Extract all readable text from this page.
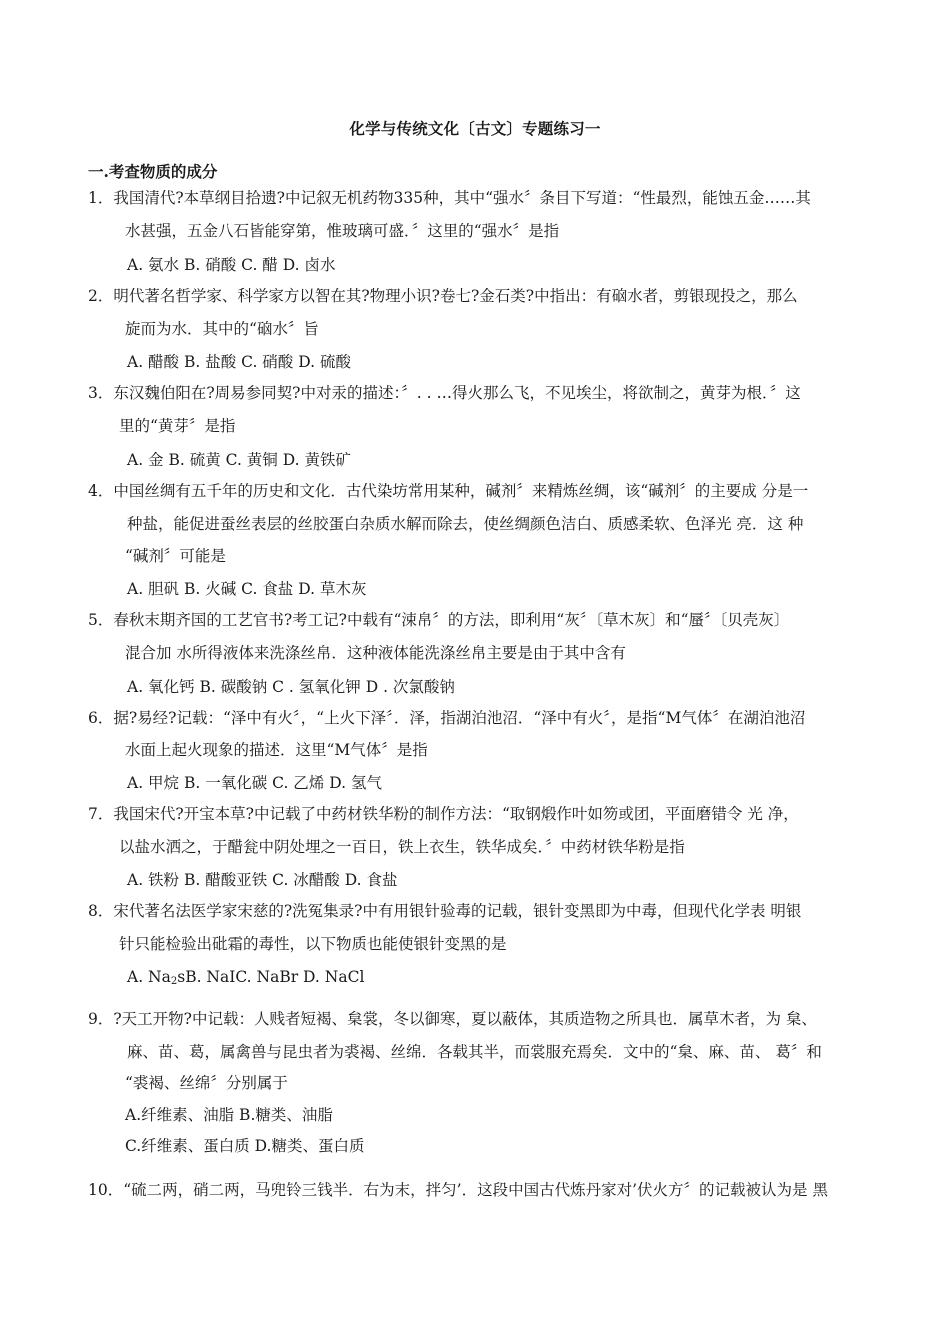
化学与传统文化〔古文〕专题练习一
一.考查物质的成分
1．我国清代?本草纲目拾遗?中记叙无机药物335种，其中“强水〞条目下写道：“性最烈，能蚀五金……其
水甚强，五金八石皆能穿第，惟玻璃可盛．〞这里的“强水〞是指
A. 氨水 B. 硝酸 C. 醋 D. 卤水
2．明代著名哲学家、科学家方以智在其?物理小识?卷七?金石类?中指出：有硇水者，剪银现投之，那么
旋而为水．其中的“硇水〞旨
A. 醋酸 B. 盐酸 C. 硝酸 D. 硫酸
3．东汉魏伯阳在?周易参同契?中对汞的描述：〞. . …得火那么飞，不见埃尘，将欲制之，黄芽为根．〞这
里的“黄芽〞是指
A. 金 B. 硫黄 C. 黄铜 D. 黄铁矿
4．中国丝绸有五千年的历史和文化．古代染坊常用某种，碱剂〞来精炼丝绸，该“碱剂〞的主要成 分是一
种盐，能促进蚕丝表层的丝胶蛋白杂质水解而除去，使丝绸颜色洁白、质感柔软、色泽光 亮．这 种
“碱剂〞可能是
A. 胆矾 B. 火碱 C. 食盐 D. 草木灰
5．春秋末期齐国的工艺官书?考工记?中载有“涑帛〞的方法，即利用“灰〞〔草木灰〕和“蜃〞〔贝壳灰〕
混合加 水所得液体来洗涤丝帛．这种液体能洗涤丝帛主要是由于其中含有
A. 氧化钙 B. 碳酸钠 C . 氢氧化钾 D . 次氯酸钠
6．据?易经?记载：“泽中有火〞，“上火下泽〞．泽，指湖泊池沼．“泽中有火〞，是指“M气体〞在湖泊池沼
水面上起火现象的描述．这里“M气体〞是指
A. 甲烷 B. 一氧化碳 C. 乙烯 D. 氢气
7．我国宋代?开宝本草?中记载了中药材铁华粉的制作方法：“取钢煅作叶如笏或团，平面磨错令 光 净，
以盐水洒之，于醋瓮中阴处埋之一百日，铁上衣生，铁华成矣．〞中药材铁华粉是指
A. 铁粉 B. 醋酸亚铁 C. 冰醋酸 D. 食盐
8．宋代著名法医学家宋慈的?洗冤集录?中有用银针验毒的记载，银针变黑即为中毒，但现代化学表 明银
针只能检验出砒霜的毒性，以下物质也能使银针变黑的是
A. $Na_2sB$. NaIC. NaBr D. NaCl
9．?天工开物?中记载：人贱者短褐、枲裳，冬以御寒，夏以蔽体，其质造物之所具也．属草木者，为 枲、
麻、苗、葛，属禽兽与昆虫者为裘褐、丝绵．各载其半，而裳服充焉矣．文中的“枲、麻、苗、 葛〞和
“裘褐、丝绵〞分别属于
A.纤维素、油脂 B.糖类、油脂
C.纤维素、蛋白质 D.糖类、蛋白质
10．“硫二两，硝二两，马兜铃三钱半．右为末，拌匀’．这段中国古代炼丹家对’伏火方〞的记载被认为是 黑
